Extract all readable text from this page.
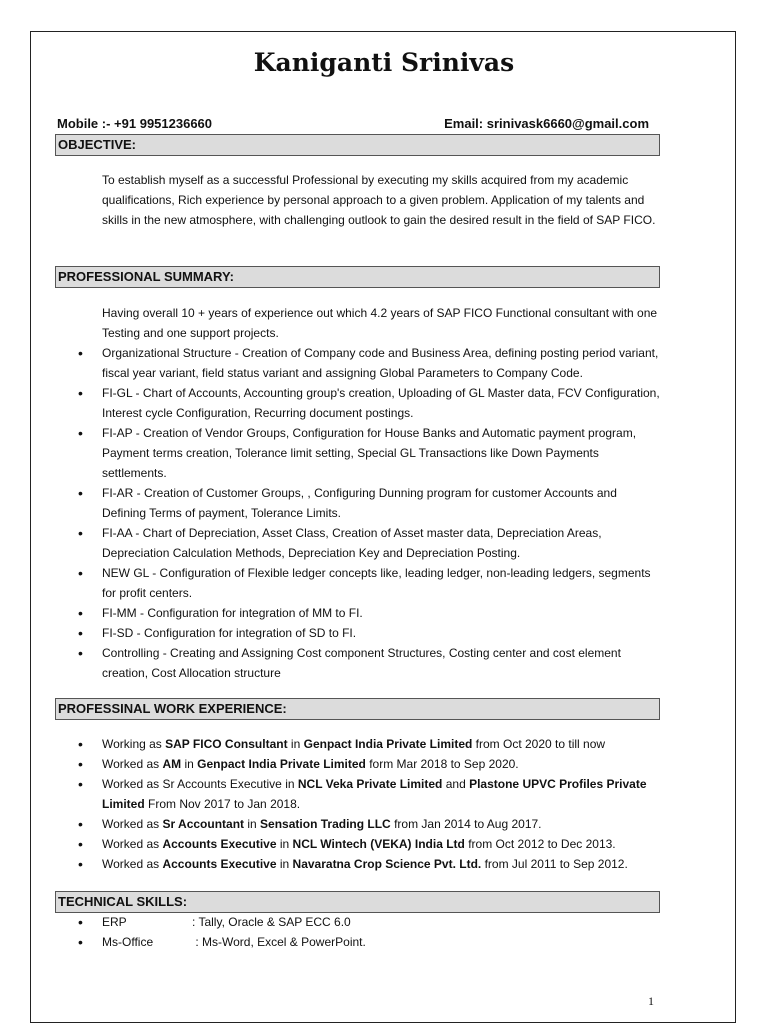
Kaniganti Srinivas
Mobile :- +91 9951236660	Email: srinivask6660@gmail.com
OBJECTIVE:
To establish myself as a successful Professional by executing my skills acquired from my academic qualifications, Rich experience by personal approach to a given problem. Application of my talents and skills in the new atmosphere, with challenging outlook to gain the desired result in the field of SAP FICO.
PROFESSIONAL SUMMARY:
Having overall 10 + years of experience out which 4.2 years of SAP FICO Functional consultant with one Testing and one support projects.
• Organizational Structure - Creation of Company code and Business Area, defining posting period variant, fiscal year variant, field status variant and assigning Global Parameters to Company Code.
• FI-GL - Chart of Accounts, Accounting group's creation, Uploading of GL Master data, FCV Configuration, Interest cycle Configuration, Recurring document postings.
• FI-AP - Creation of Vendor Groups, Configuration for House Banks and Automatic payment program, Payment terms creation, Tolerance limit setting, Special GL Transactions like Down Payments settlements.
• FI-AR - Creation of Customer Groups, , Configuring Dunning program for customer Accounts and Defining Terms of payment, Tolerance Limits.
• FI-AA - Chart of Depreciation, Asset Class, Creation of Asset master data, Depreciation Areas, Depreciation Calculation Methods, Depreciation Key and Depreciation Posting.
• NEW GL - Configuration of Flexible ledger concepts like, leading ledger, non-leading ledgers, segments for profit centers.
• FI-MM - Configuration for integration of MM to FI.
• FI-SD - Configuration for integration of SD to FI.
• Controlling - Creating and Assigning Cost component Structures, Costing center and cost element creation, Cost Allocation structure
PROFESSINAL WORK EXPERIENCE:
• Working as SAP FICO Consultant in Genpact India Private Limited from Oct 2020 to till now
• Worked as AM in Genpact India Private Limited form Mar 2018 to Sep 2020.
• Worked as Sr Accounts Executive in NCL Veka Private Limited and Plastone UPVC Profiles Private Limited From Nov 2017 to Jan 2018.
• Worked as Sr Accountant in Sensation Trading LLC from Jan 2014 to Aug 2017.
• Worked as Accounts Executive in NCL Wintech (VEKA) India Ltd from Oct 2012 to Dec 2013.
• Worked as Accounts Executive in Navaratna Crop Science Pvt. Ltd. from Jul 2011 to Sep 2012.
TECHNICAL SKILLS:
• ERP	: Tally, Oracle & SAP ECC 6.0
• Ms-Office	: Ms-Word, Excel & PowerPoint.
1
